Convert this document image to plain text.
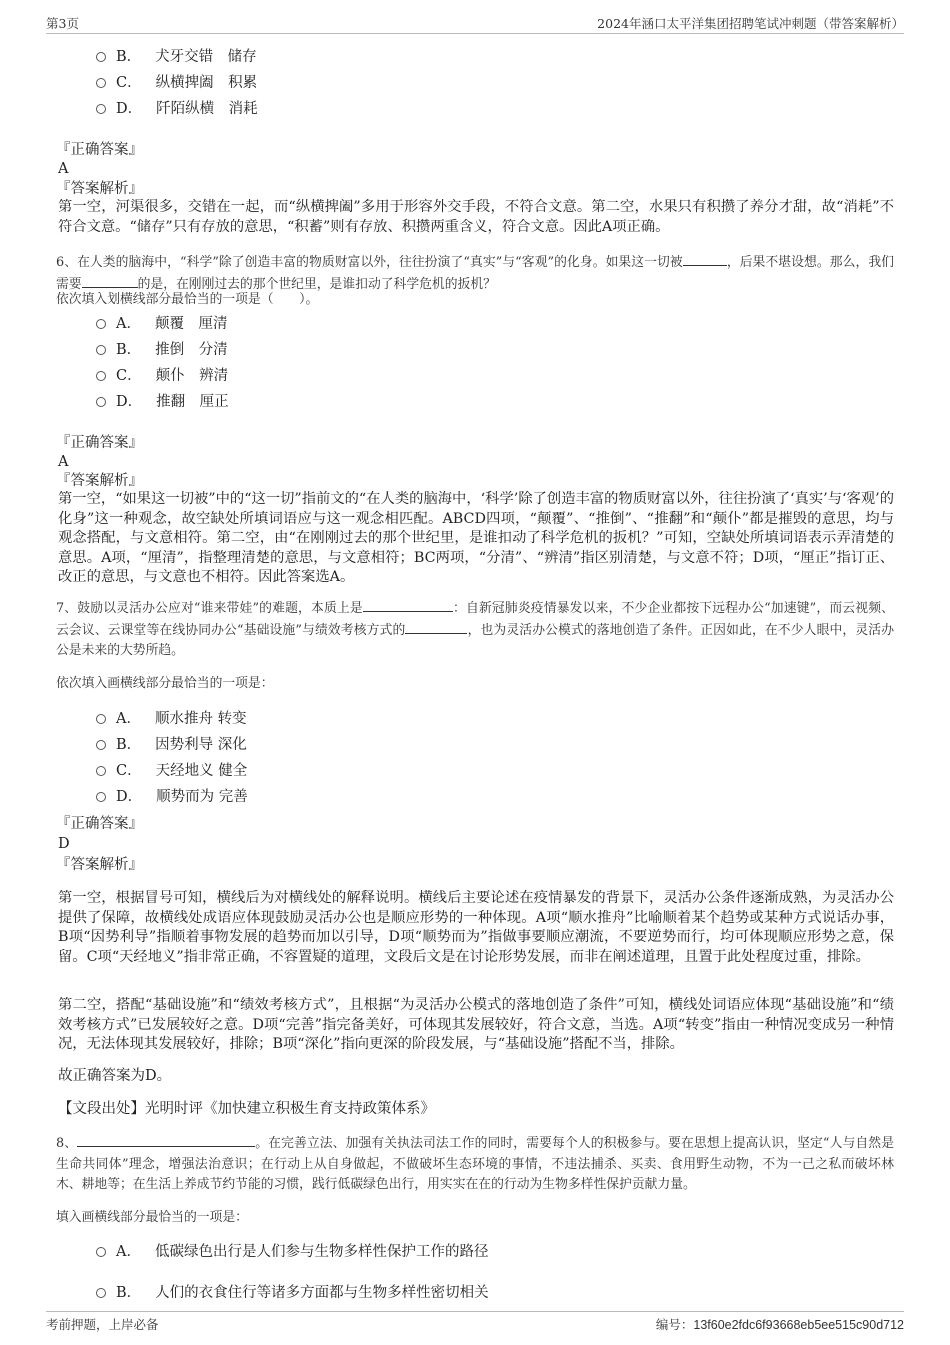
第3页	2024年涵口太平洋集团招聘笔试冲刺题（带答案解析）
B． 犬牙交错　储存
C． 纵横捭阖　积累
D． 阡陌纵横　消耗
『正确答案』
A
『答案解析』
第一空，河渠很多，交错在一起，而“纵横捭阖”多用于形容外交手段，不符合文意。第二空，水果只有积攒了养分才甜，故“消耗”不符合文意。“储存”只有存放的意思，“积蓄”则有存放、积攒两重含义，符合文意。因此A项正确。
6、在人类的脑海中，“科学”除了创造丰富的物质财富以外，往往扮演了“真实”与“客观”的化身。如果这一切被	，后果不堪设想。那么，我们需要	的是，在刚刚过去的那个世纪里，是谁扣动了科学危机的扳机？
依次填入划横线部分最恰当的一项是（　　）。
A． 颠覆　厘清
B． 推倒　分清
C． 颠仆　辨清
D． 推翻　厘正
『正确答案』
A
『答案解析』
第一空，“如果这一切被”中的“这一切”指前文的“在人类的脑海中，‘科学’除了创造丰富的物质财富以外，往往扮演了‘真实’与‘客观’的化身”这一种观念，故空缺处所填词语应与这一观念相匹配。ABCD四项，“颠覆”、“推倒”、“推翻”和“颠仆”都是摧毁的意思，均与观念搭配，与文意相符。第二空，由“在刚刚过去的那个世纪里，是谁扣动了科学危机的扳机？”可知，空缺处所填词语表示弄清楚的意思。A项，“厘清”，指整理清楚的意思，与文意相符；BC两项，“分清”、“辨清”指区别清楚，与文意不符；D项，“厘正”指订正、改正的意思，与文意也不相符。因此答案选A。
7、鼓励以灵活办公应对“谁来带娃”的难题，本质上是	：自新冠肺炎疫情暴发以来，不少企业都按下远程办公“加速键”，而云视频、云会议、云课堂等在线协同办公“基础设施”与绩效考核方式的	，也为灵活办公模式的落地创造了条件。正因如此，在不少人眼中，灵活办公是未来的大势所趋。
依次填入画横线部分最恰当的一项是：
A． 顺水推舟 转变
B． 因势利导 深化
C． 天经地义 健全
D． 顺势而为 完善
『正确答案』
D
『答案解析』
第一空，根据冒号可知，横线后为对横线处的解释说明。横线后主要论述在疫情暴发的背景下，灵活办公条件逐渐成熟，为灵活办公提供了保障，故横线处成语应体现鼓励灵活办公也是顺应形势的一种体现。A项“顺水推舟”比喻顺着某个趋势或某种方式说话办事，B项“因势利导”指顺着事物发展的趋势而加以引导，D项“顺势而为”指做事要顺应潮流，不要逆势而行，均可体现顺应形势之意，保留。C项“天经地义”指非常正确，不容置疑的道理，文段后文是在讨论形势发展，而非在阐述道理，且置于此处程度过重，排除。
第二空，搭配“基础设施”和“绩效考核方式”，且根据“为灵活办公模式的落地创造了条件”可知，横线处词语应体现“基础设施”和“绩效考核方式”已发展较好之意。D项“完善”指完备美好，可体现其发展较好，符合文意，当选。A项“转变”指由一种情况变成另一种情况，无法体现其发展较好，排除；B项“深化”指向更深的阶段发展，与“基础设施”搭配不当，排除。
故正确答案为D。
【文段出处】光明时评《加快建立积极生育支持政策体系》
8、	。在完善立法、加强有关执法司法工作的同时，需要每个人的积极参与。要在思想上提高认识，坚定“人与自然是生命共同体”理念，增强法治意识；在行动上从自身做起，不做破坏生态环境的事情，不违法捕杀、买卖、食用野生动物，不为一己之私而破坏林木、耕地等；在生活上养成节约节能的习惯，践行低碳绿色出行，用实实在在的行动为生物多样性保护贡献力量。
填入画横线部分最恰当的一项是：
A． 低碳绿色出行是人们参与生物多样性保护工作的路径
B． 人们的衣食住行等诸多方面都与生物多样性密切相关
考前押题，上岸必备	编号：13f60e2fdc6f93668eb5ee515c90d712
